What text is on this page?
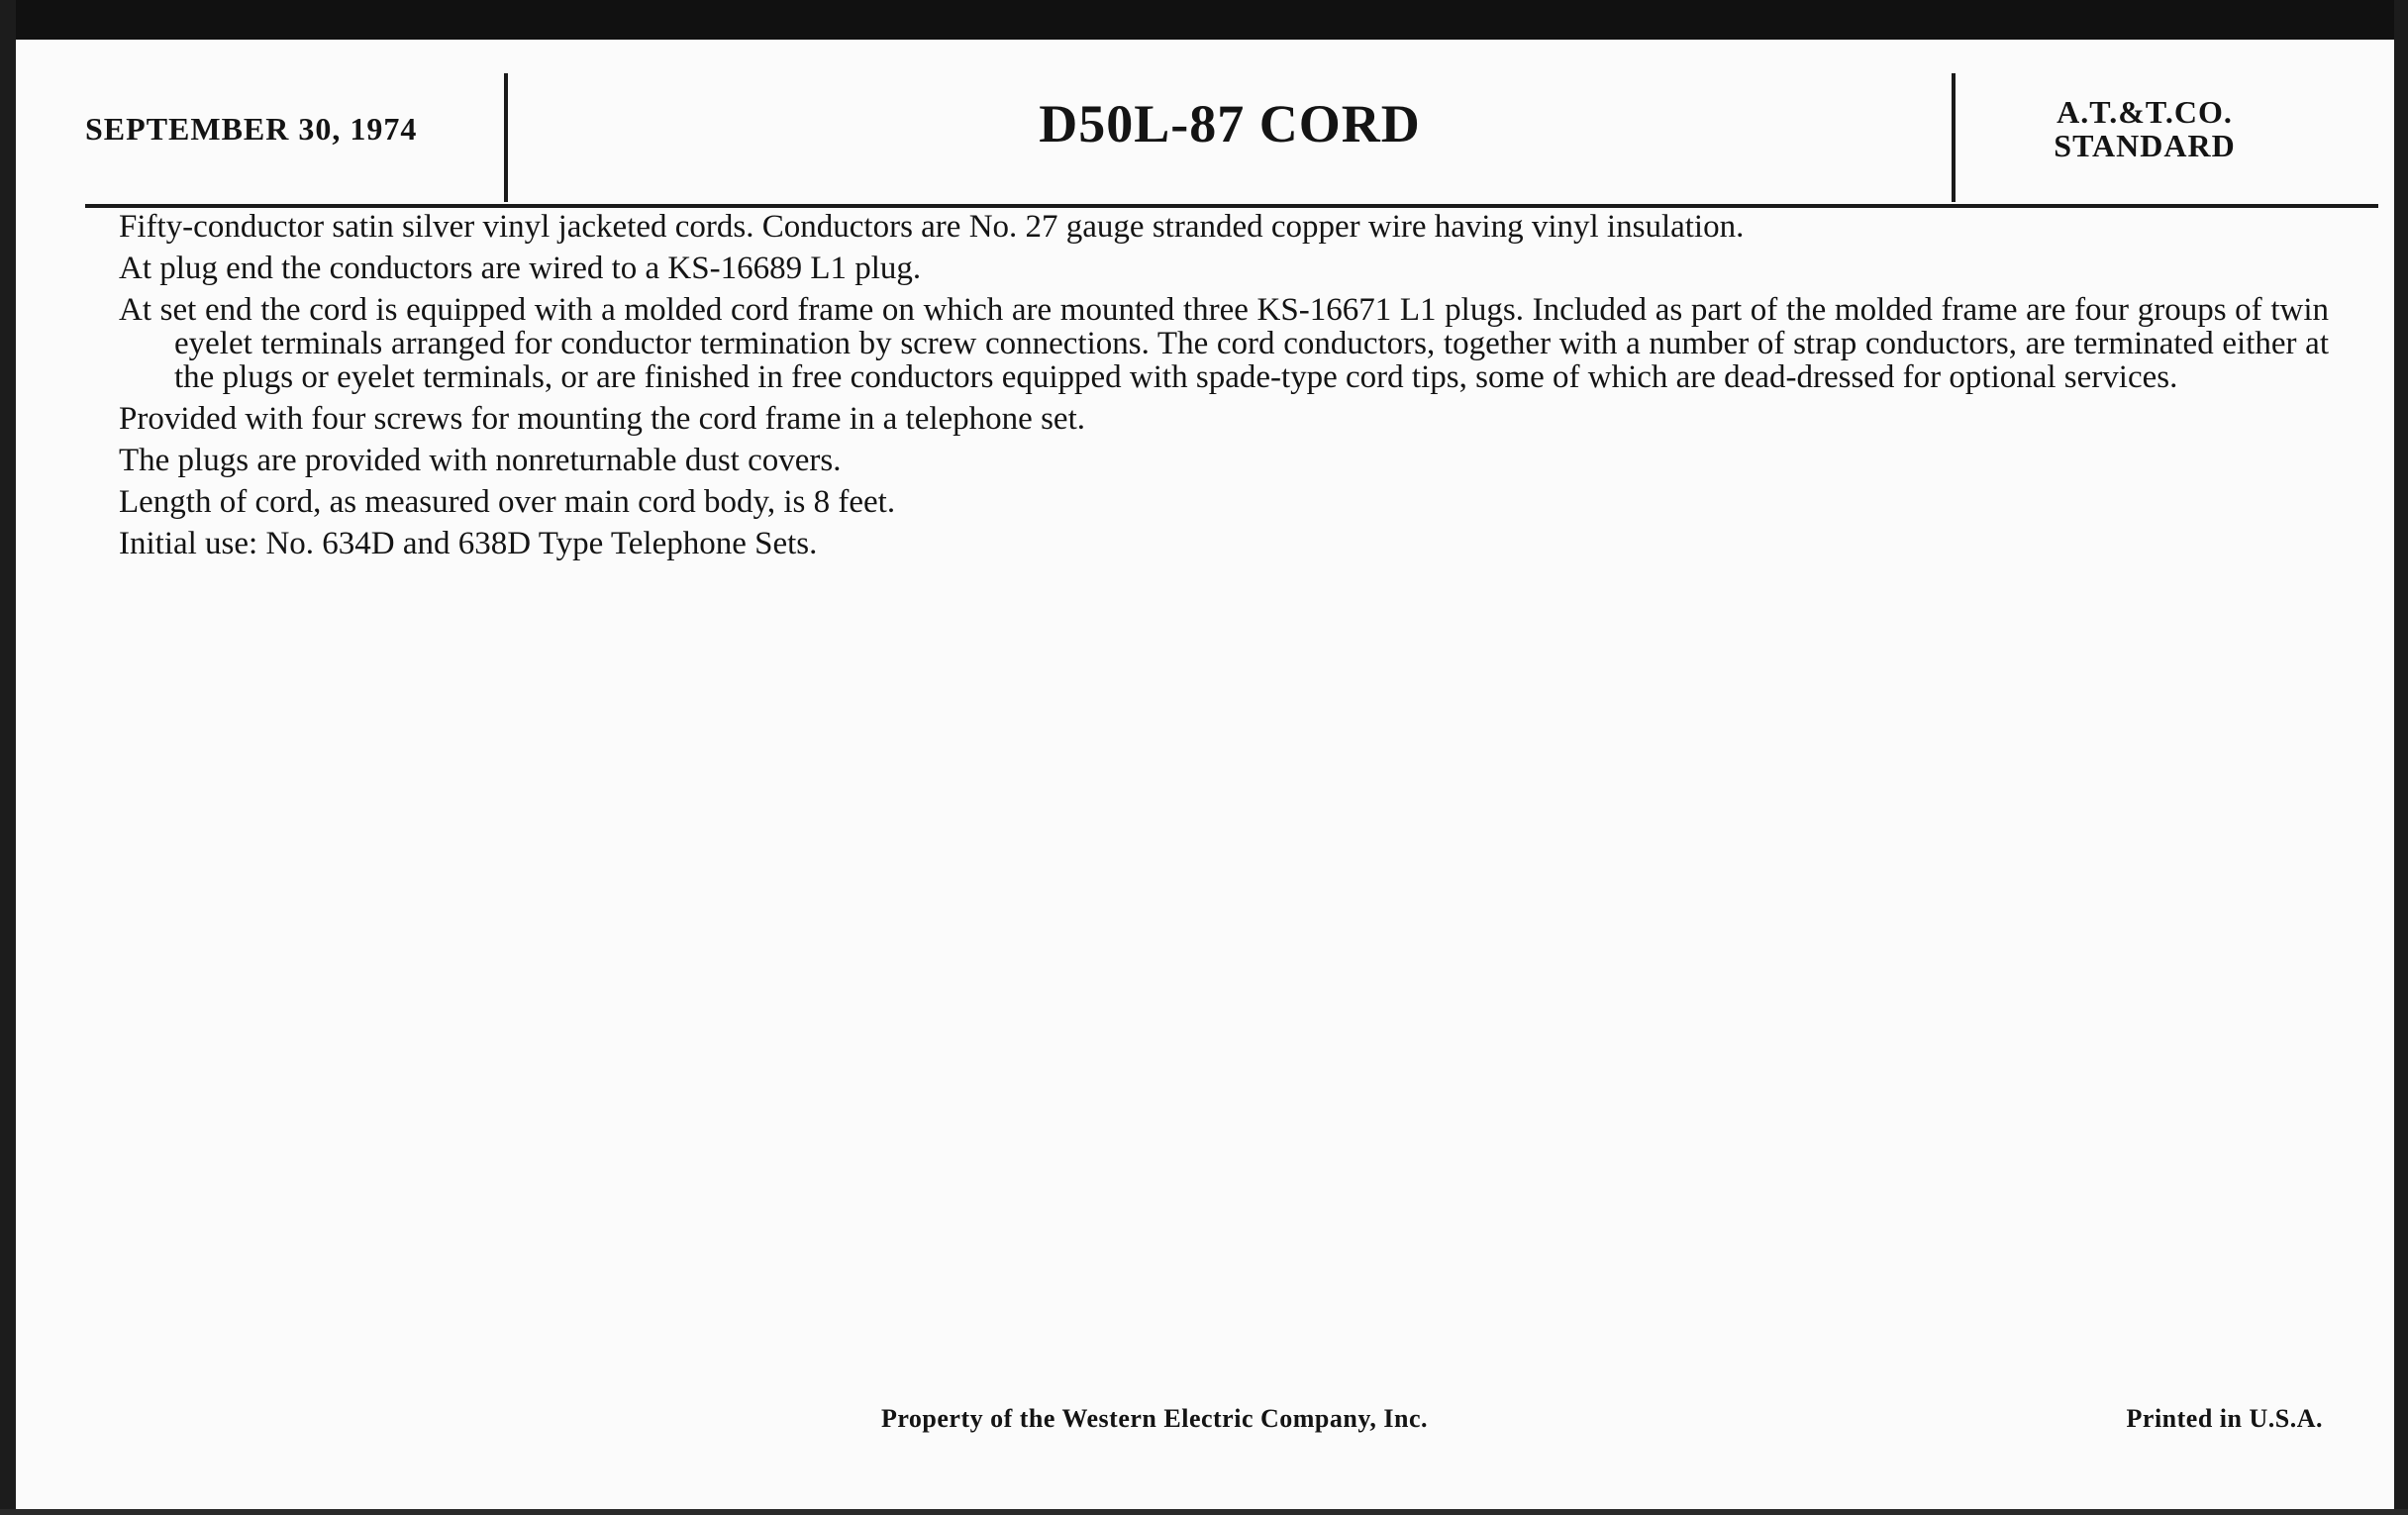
SEPTEMBER 30, 1974	D50L-87 CORD	A.T.&T.CO.
STANDARD

Fifty-conductor satin silver vinyl jacketed cords. Conductors are No. 27 gauge stranded copper wire having vinyl insulation.

At plug end the conductors are wired to a KS-16689 L1 plug.

At set end the cord is equipped with a molded cord frame on which are mounted three KS-16671 L1 plugs. Included as part of the molded frame are four groups of twin eyelet terminals arranged for conductor termination by screw connections. The cord conductors, together with a number of strap conductors, are terminated either at the plugs or eyelet terminals, or are finished in free conductors equipped with spade-type cord tips, some of which are dead-dressed for optional services.

Provided with four screws for mounting the cord frame in a telephone set.

The plugs are provided with nonreturnable dust covers.

Length of cord, as measured over main cord body, is 8 feet.

Initial use: No. 634D and 638D Type Telephone Sets.

Property of the Western Electric Company, Inc.	Printed in U.S.A.
